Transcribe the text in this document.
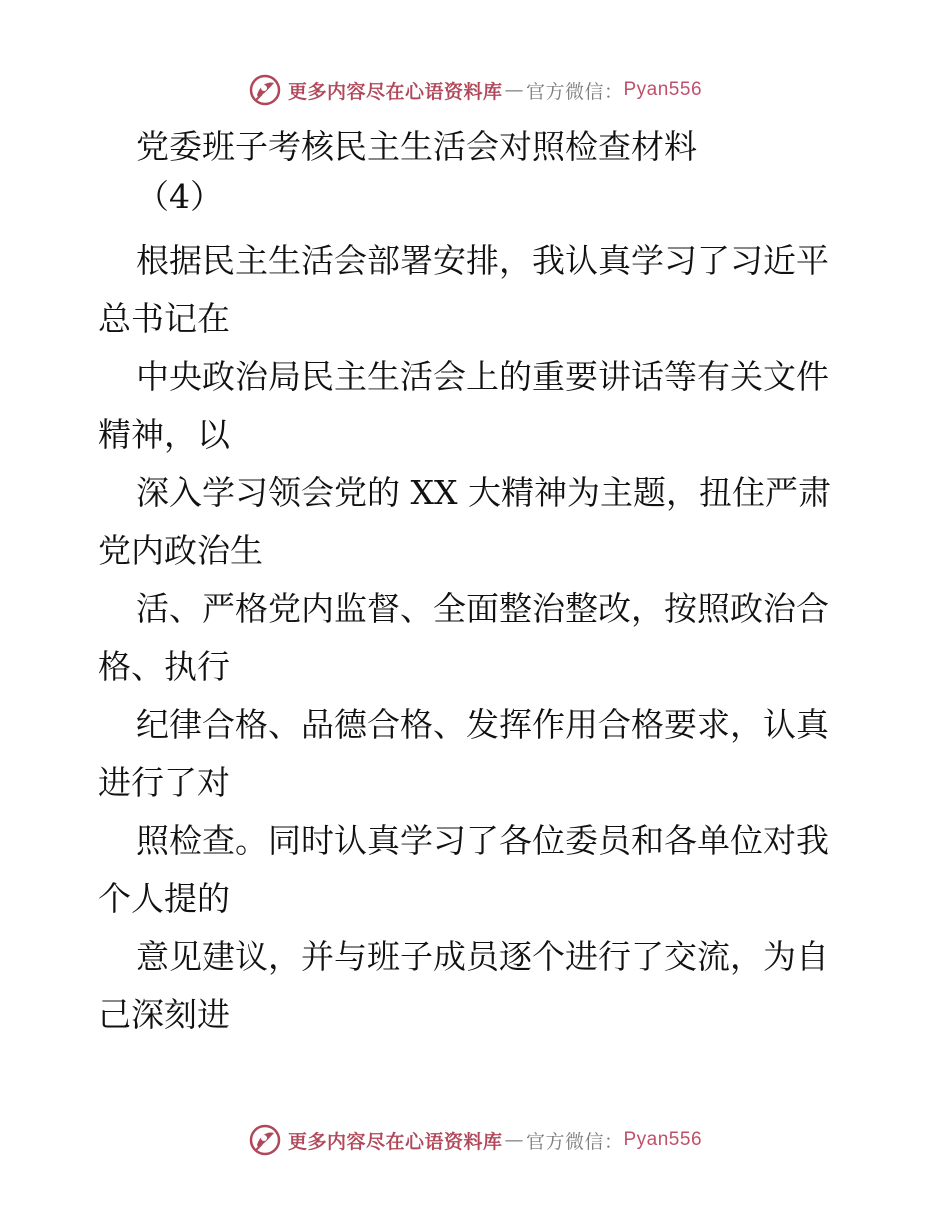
更多内容尽在心语资料库 — 官方微信： Pyan556
党委班子考核民主生活会对照检查材料
（4）
根据民主生活会部署安排，我认真学习了习近平
总书记在
中央政治局民主生活会上的重要讲话等有关文件
精神，以
深入学习领会党的 XX 大精神为主题，扭住严肃
党内政治生
活、严格党内监督、全面整治整改，按照政治合
格、执行
纪律合格、品德合格、发挥作用合格要求，认真
进行了对
照检查。同时认真学习了各位委员和各单位对我
个人提的
意见建议，并与班子成员逐个进行了交流，为自
己深刻进
更多内容尽在心语资料库 — 官方微信： Pyan556
